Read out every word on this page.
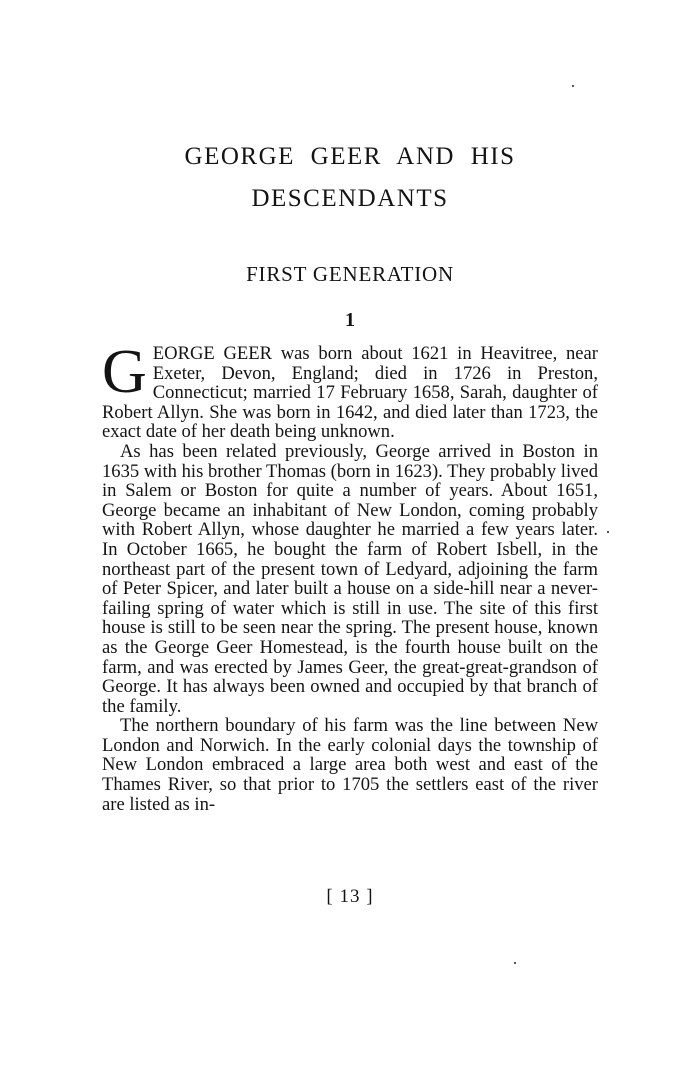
GEORGE GEER AND HIS
DESCENDANTS
FIRST GENERATION
1

GEORGE GEER was born about 1621 in Heavitree, near Exeter, Devon, England; died in 1726 in Preston, Connecticut; married 17 February 1658, Sarah, daughter of Robert Allyn. She was born in 1642, and died later than 1723, the exact date of her death being unknown.

As has been related previously, George arrived in Boston in 1635 with his brother Thomas (born in 1623). They probably lived in Salem or Boston for quite a number of years. About 1651, George became an inhabitant of New London, coming probably with Robert Allyn, whose daughter he married a few years later. In October 1665, he bought the farm of Robert Isbell, in the northeast part of the present town of Ledyard, adjoining the farm of Peter Spicer, and later built a house on a side-hill near a never-failing spring of water which is still in use. The site of this first house is still to be seen near the spring. The present house, known as the George Geer Homestead, is the fourth house built on the farm, and was erected by James Geer, the great-great-grandson of George. It has always been owned and occupied by that branch of the family.

The northern boundary of his farm was the line between New London and Norwich. In the early colonial days the township of New London embraced a large area both west and east of the Thames River, so that prior to 1705 the settlers east of the river are listed as in-

[ 13 ]
